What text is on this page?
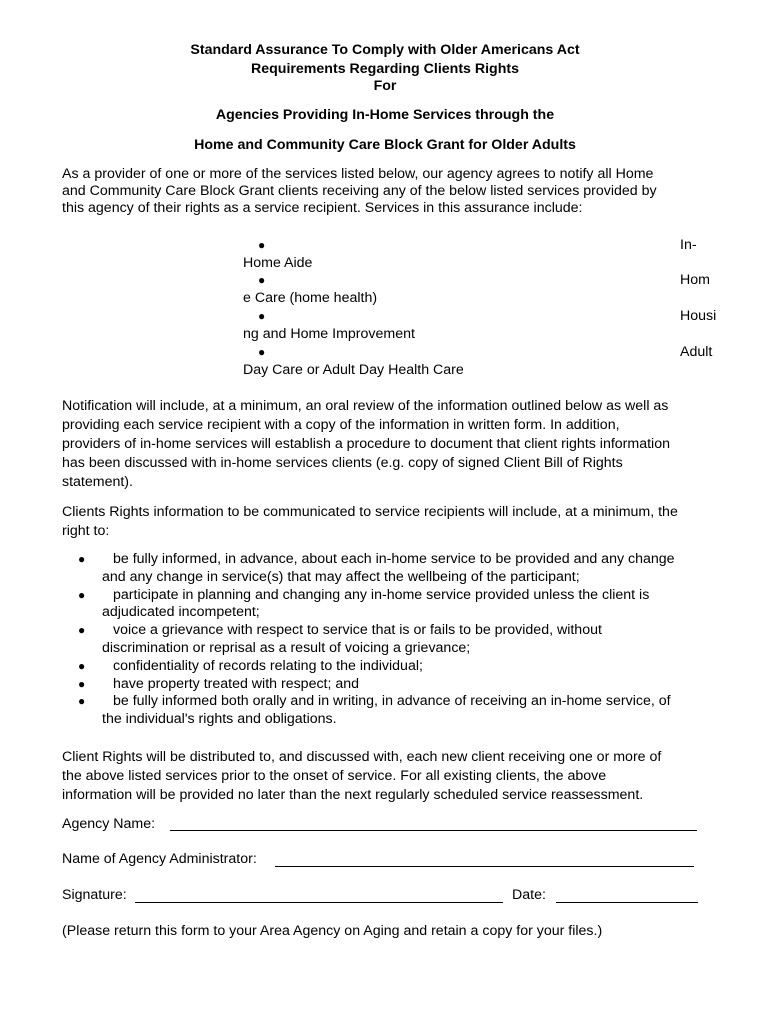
Standard Assurance To Comply with Older Americans Act
Requirements Regarding Clients Rights
For
Agencies Providing In-Home Services through the
Home and Community Care Block Grant for Older Adults
As a provider of one or more of the services listed below, our agency agrees to notify all Home
and Community Care Block Grant clients receiving any of the below listed services provided by
this agency of their rights as a service recipient. Services in this assurance include:
●	In-
Home Aide
●	Hom
e Care (home health)
●	Housi
ng and Home Improvement
●	Adult
Day Care or Adult Day Health Care
Notification will include, at a minimum, an oral review of the information outlined below as well as
providing each service recipient with a copy of the information in written form. In addition,
providers of in-home services will establish a procedure to document that client rights information
has been discussed with in-home services clients (e.g. copy of signed Client Bill of Rights
statement).
Clients Rights information to be communicated to service recipients will include, at a minimum, the
right to:
●	be fully informed, in advance, about each in-home service to be provided and any change
and any change in service(s) that may affect the wellbeing of the participant;
●	participate in planning and changing any in-home service provided unless the client is
adjudicated incompetent;
●	voice a grievance with respect to service that is or fails to be provided, without
discrimination or reprisal as a result of voicing a grievance;
●	confidentiality of records relating to the individual;
●	have property treated with respect; and
●	be fully informed both orally and in writing, in advance of receiving an in-home service, of
the individual's rights and obligations.
Client Rights will be distributed to, and discussed with, each new client receiving one or more of
the above listed services prior to the onset of service. For all existing clients, the above
information will be provided no later than the next regularly scheduled service reassessment.
Agency Name:
Name of Agency Administrator:
Signature:	Date:
(Please return this form to your Area Agency on Aging and retain a copy for your files.)
